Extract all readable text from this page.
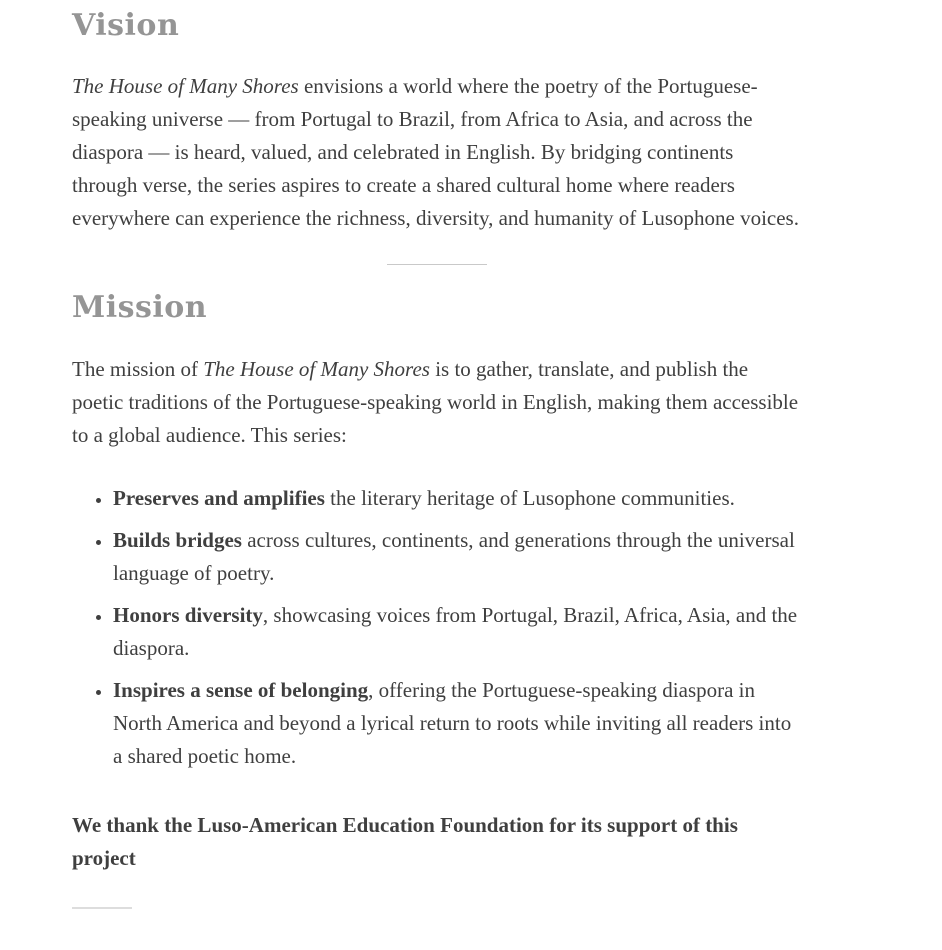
Vision

The House of Many Shores envisions a world where the poetry of the Portuguese-speaking universe — from Portugal to Brazil, from Africa to Asia, and across the diaspora — is heard, valued, and celebrated in English. By bridging continents through verse, the series aspires to create a shared cultural home where readers everywhere can experience the richness, diversity, and humanity of Lusophone voices.

Mission

The mission of The House of Many Shores is to gather, translate, and publish the poetic traditions of the Portuguese-speaking world in English, making them accessible to a global audience. This series:

• Preserves and amplifies the literary heritage of Lusophone communities.
• Builds bridges across cultures, continents, and generations through the universal language of poetry.
• Honors diversity, showcasing voices from Portugal, Brazil, Africa, Asia, and the diaspora.
• Inspires a sense of belonging, offering the Portuguese-speaking diaspora in North America and beyond a lyrical return to roots while inviting all readers into a shared poetic home.

We thank the Luso-American Education Foundation for its support of this project
